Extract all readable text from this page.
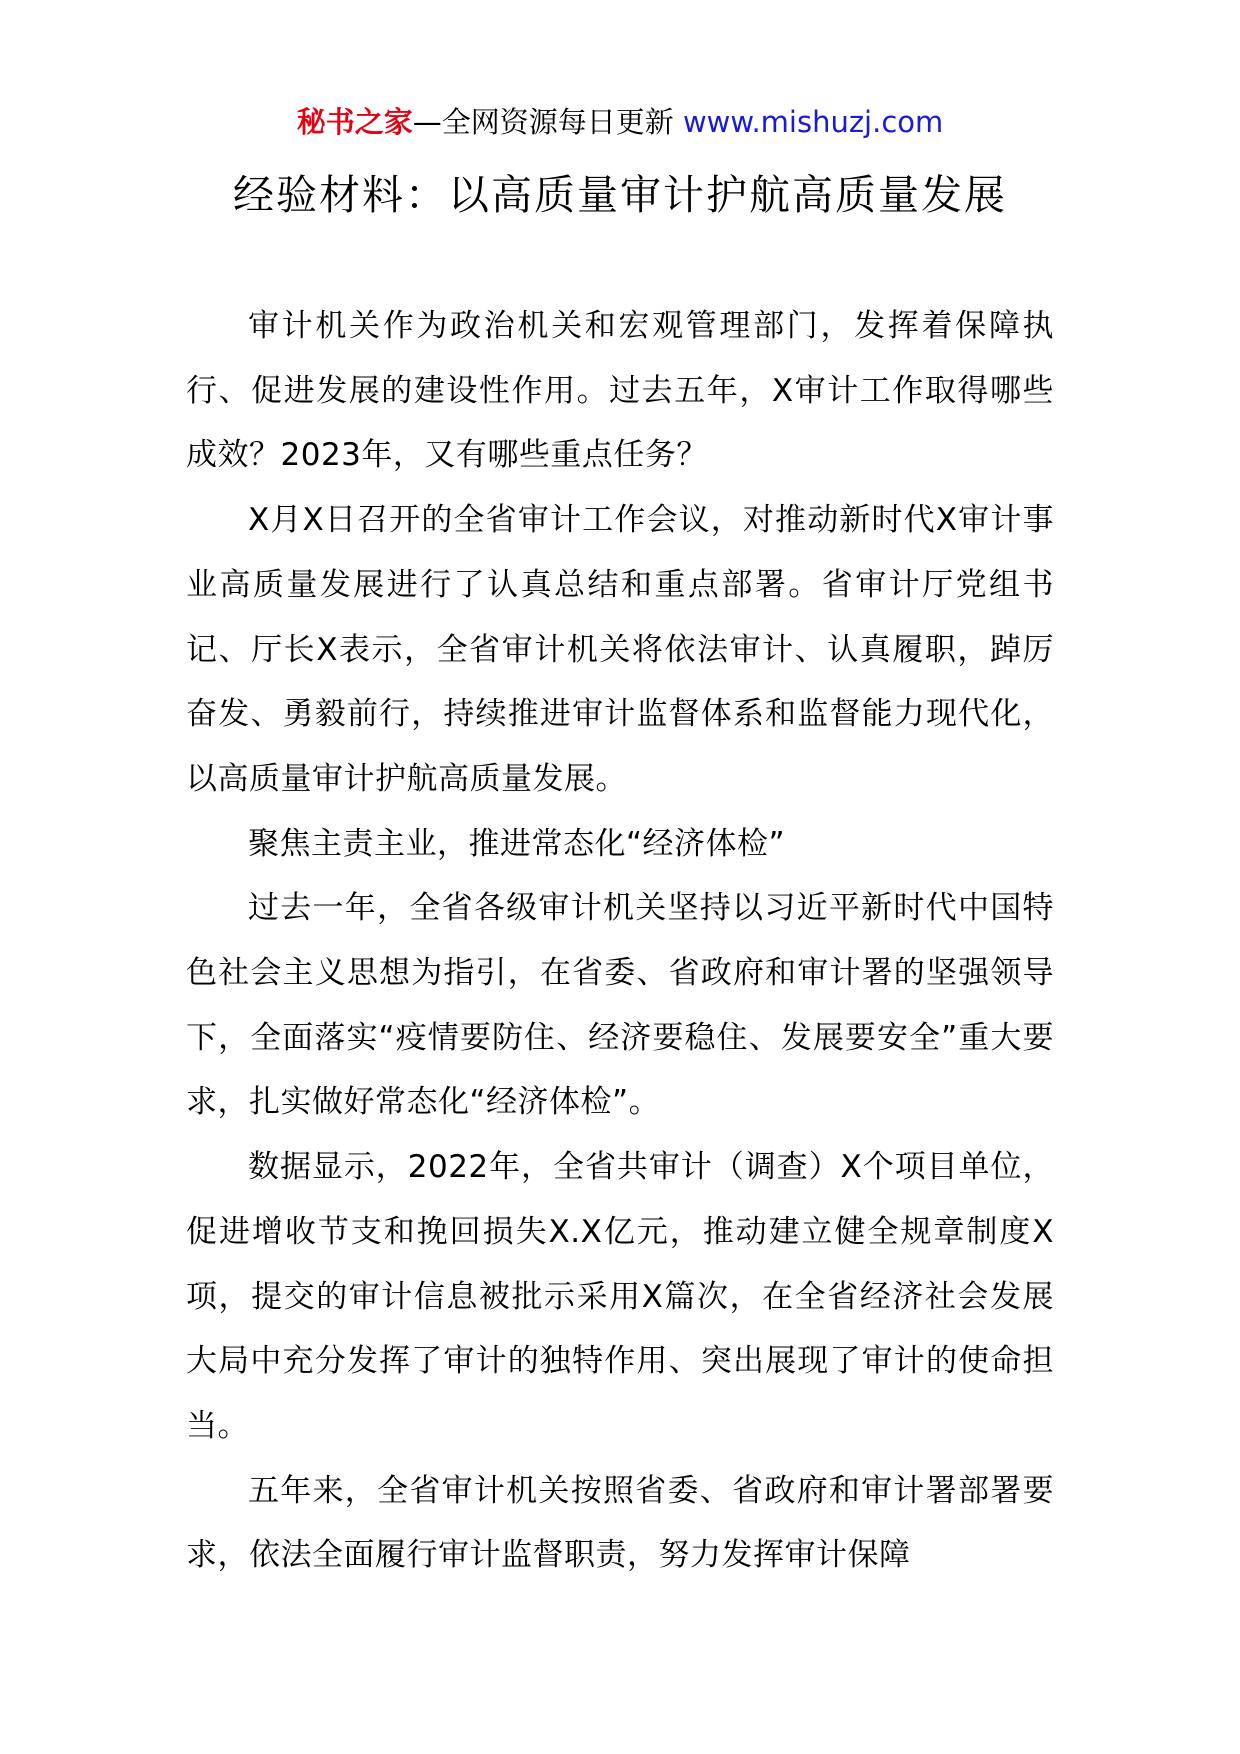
秘书之家—全网资源每日更新 www.mishuzj.com
经验材料：以高质量审计护航高质量发展

审计机关作为政治机关和宏观管理部门，发挥着保障执行、促进发展的建设性作用。过去五年，X审计工作取得哪些成效？2023年，又有哪些重点任务？

X月X日召开的全省审计工作会议，对推动新时代X审计事业高质量发展进行了认真总结和重点部署。省审计厅党组书记、厅长X表示，全省审计机关将依法审计、认真履职，踔厉奋发、勇毅前行，持续推进审计监督体系和监督能力现代化，以高质量审计护航高质量发展。

聚焦主责主业，推进常态化“经济体检”

过去一年，全省各级审计机关坚持以习近平新时代中国特色社会主义思想为指引，在省委、省政府和审计署的坚强领导下，全面落实“疫情要防住、经济要稳住、发展要安全”重大要求，扎实做好常态化“经济体检”。

数据显示，2022年，全省共审计（调查）X个项目单位，促进增收节支和挽回损失X.X亿元，推动建立健全规章制度X项，提交的审计信息被批示采用X篇次，在全省经济社会发展大局中充分发挥了审计的独特作用、突出展现了审计的使命担当。

五年来，全省审计机关按照省委、省政府和审计署部署要求，依法全面履行审计监督职责，努力发挥审计保障
